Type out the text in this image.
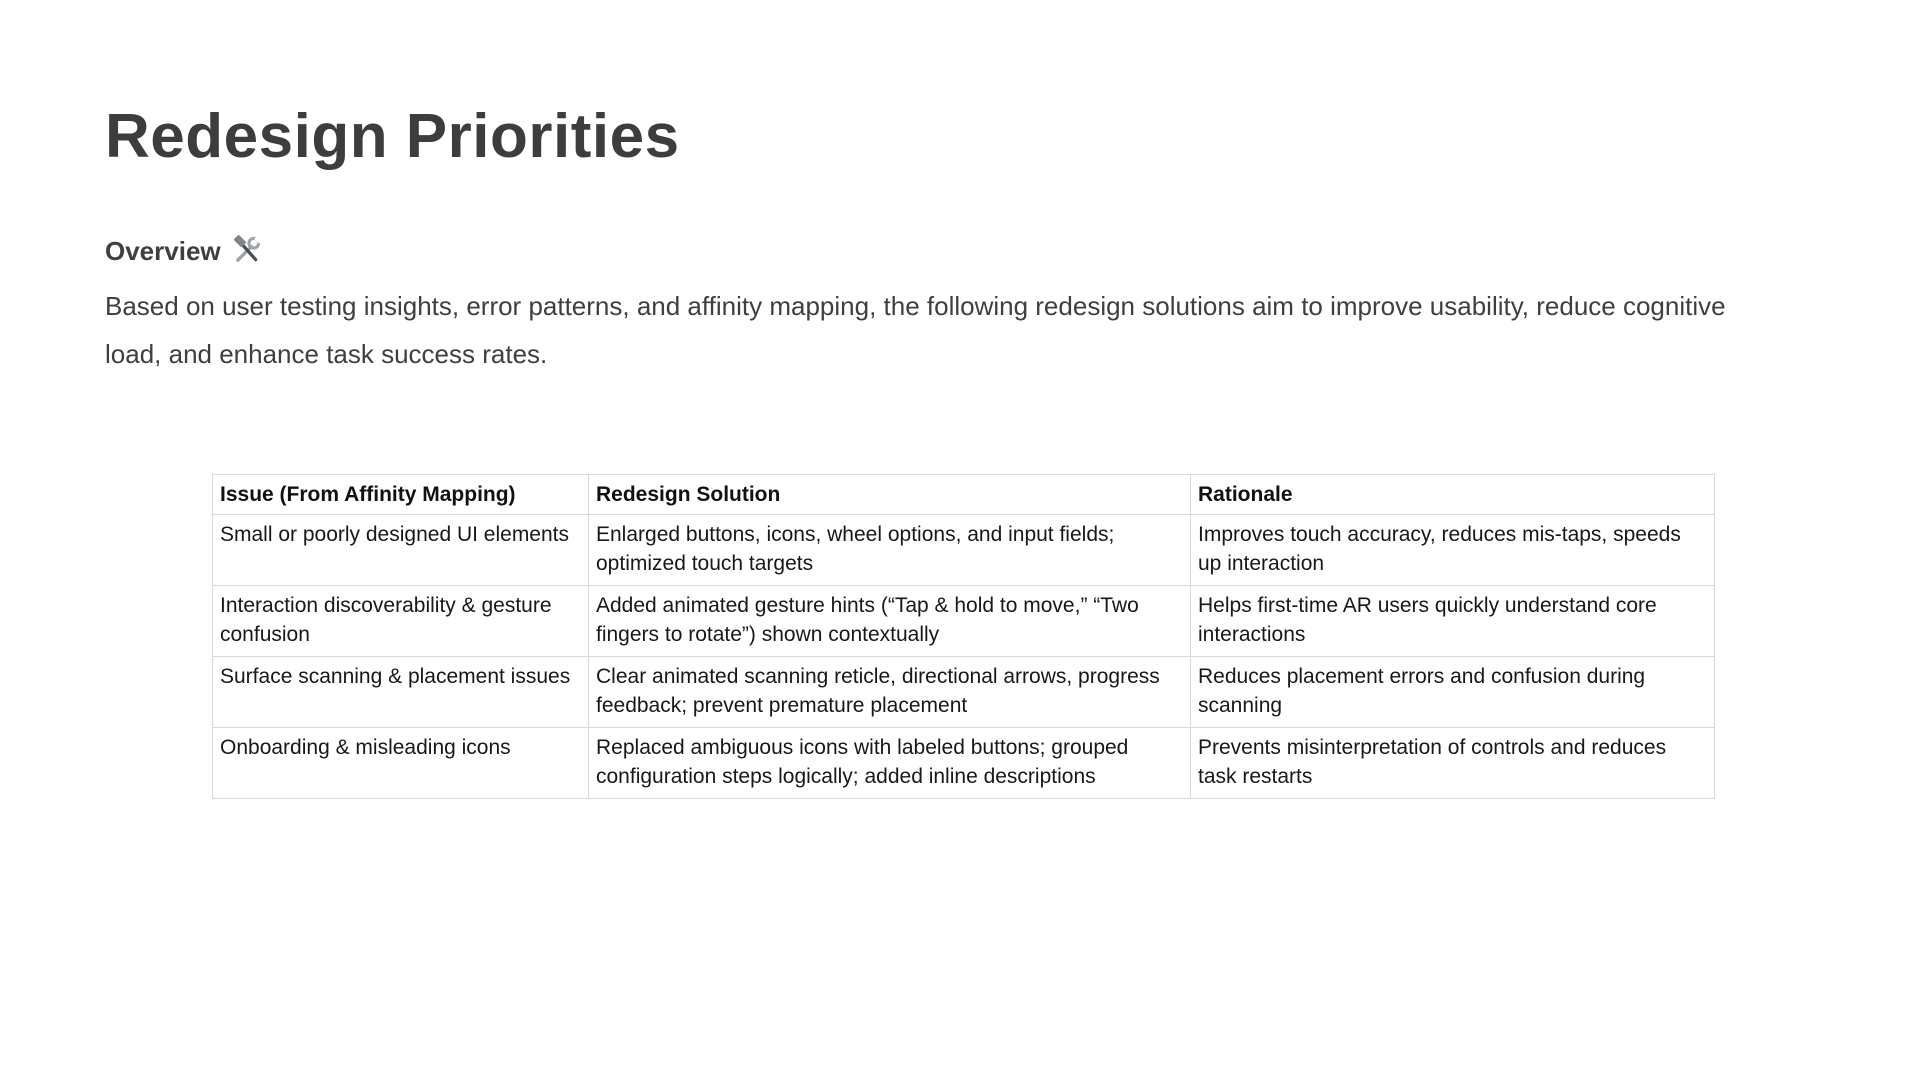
Redesign Priorities
Overview

Based on user testing insights, error patterns, and affinity mapping, the following redesign solutions aim to improve usability, reduce cognitive load, and enhance task success rates.

Issue (From Affinity Mapping)	Redesign Solution	Rationale
Small or poorly designed UI elements	Enlarged buttons, icons, wheel options, and input fields; optimized touch targets	Improves touch accuracy, reduces mis-taps, speeds up interaction
Interaction discoverability & gesture confusion	Added animated gesture hints (“Tap & hold to move,” “Two fingers to rotate”) shown contextually	Helps first-time AR users quickly understand core interactions
Surface scanning & placement issues	Clear animated scanning reticle, directional arrows, progress feedback; prevent premature placement	Reduces placement errors and confusion during scanning
Onboarding & misleading icons	Replaced ambiguous icons with labeled buttons; grouped configuration steps logically; added inline descriptions	Prevents misinterpretation of controls and reduces task restarts
